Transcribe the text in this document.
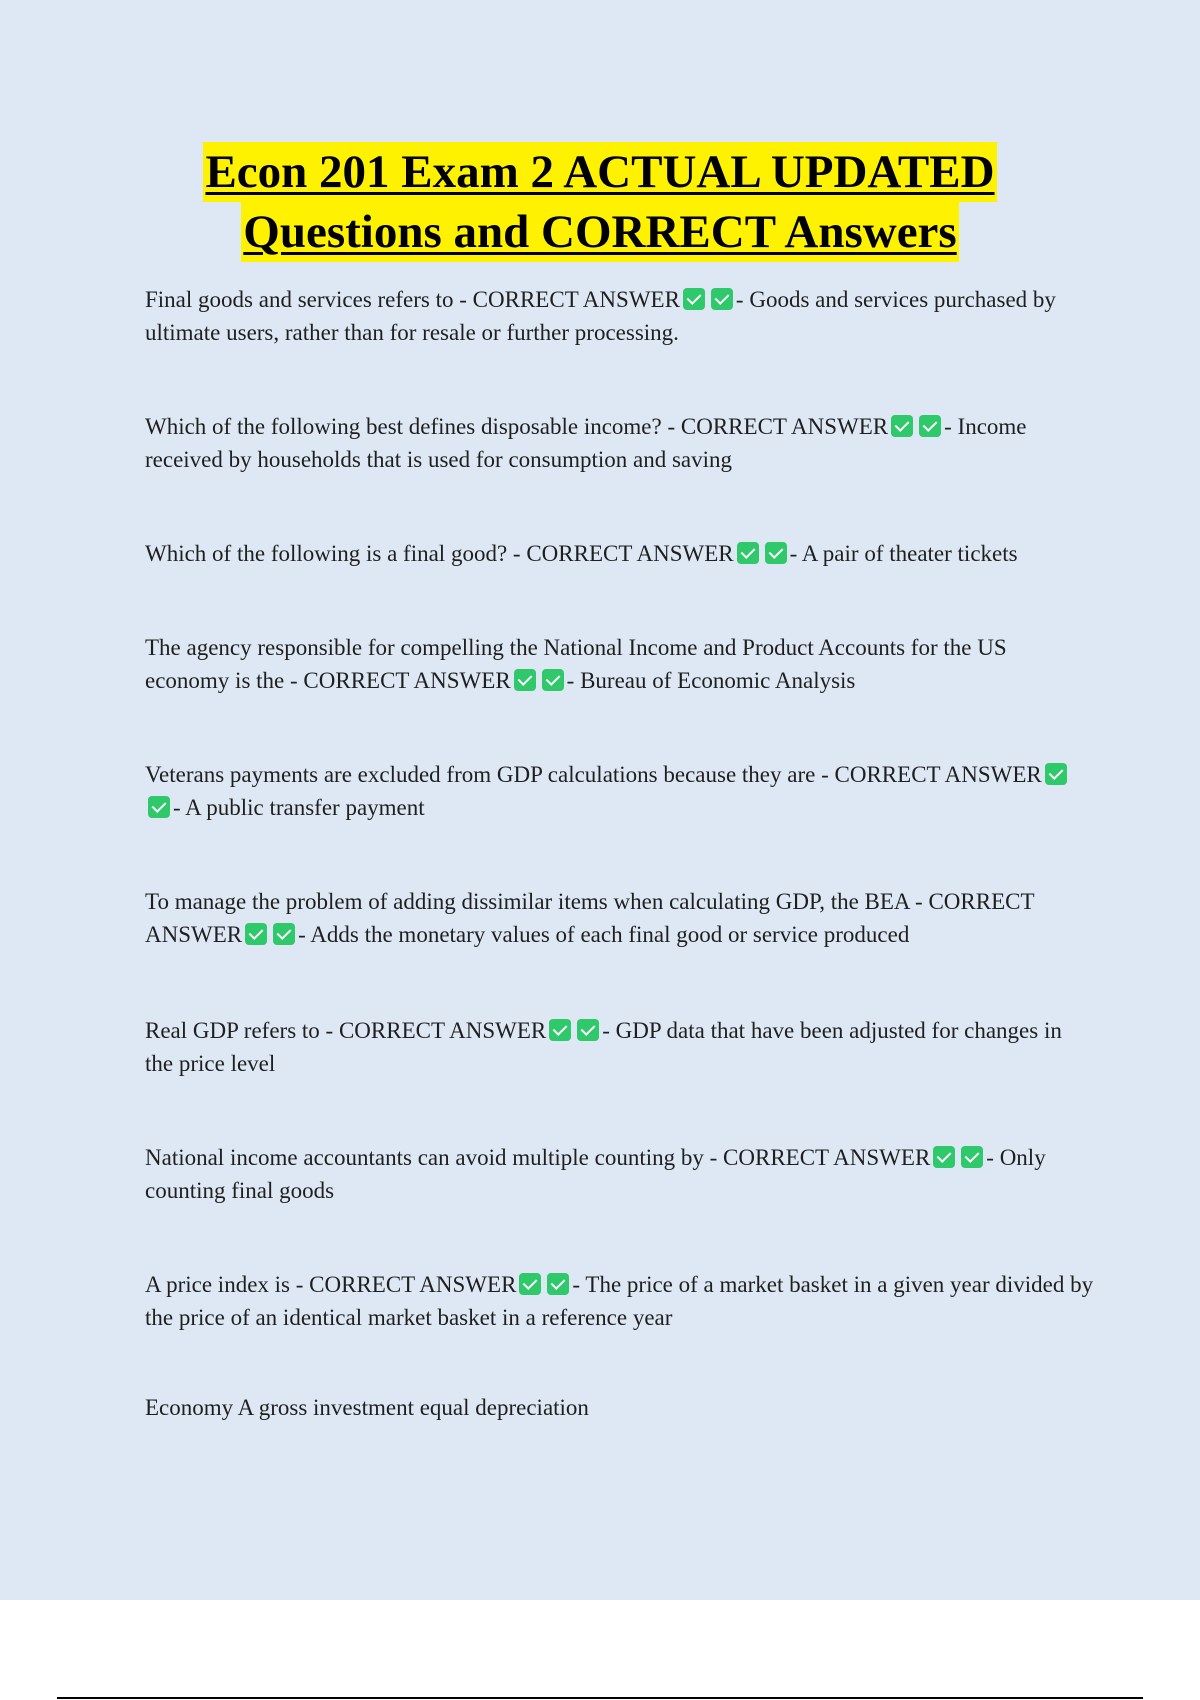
Econ 201 Exam 2 ACTUAL UPDATED
Questions and CORRECT Answers

Final goods and services refers to - CORRECT ANSWER - Goods and services purchased by ultimate users, rather than for resale or further processing.

Which of the following best defines disposable income? - CORRECT ANSWER - Income received by households that is used for consumption and saving

Which of the following is a final good? - CORRECT ANSWER - A pair of theater tickets

The agency responsible for compelling the National Income and Product Accounts for the US economy is the - CORRECT ANSWER - Bureau of Economic Analysis

Veterans payments are excluded from GDP calculations because they are - CORRECT ANSWER- A public transfer payment

To manage the problem of adding dissimilar items when calculating GDP, the BEA - CORRECT ANSWER - Adds the monetary values of each final good or service produced

Real GDP refers to - CORRECT ANSWER - GDP data that have been adjusted for changes in the price level

National income accountants can avoid multiple counting by - CORRECT ANSWER - Only counting final goods

A price index is - CORRECT ANSWER - The price of a market basket in a given year divided by the price of an identical market basket in a reference year

Economy A gross investment equal depreciation
